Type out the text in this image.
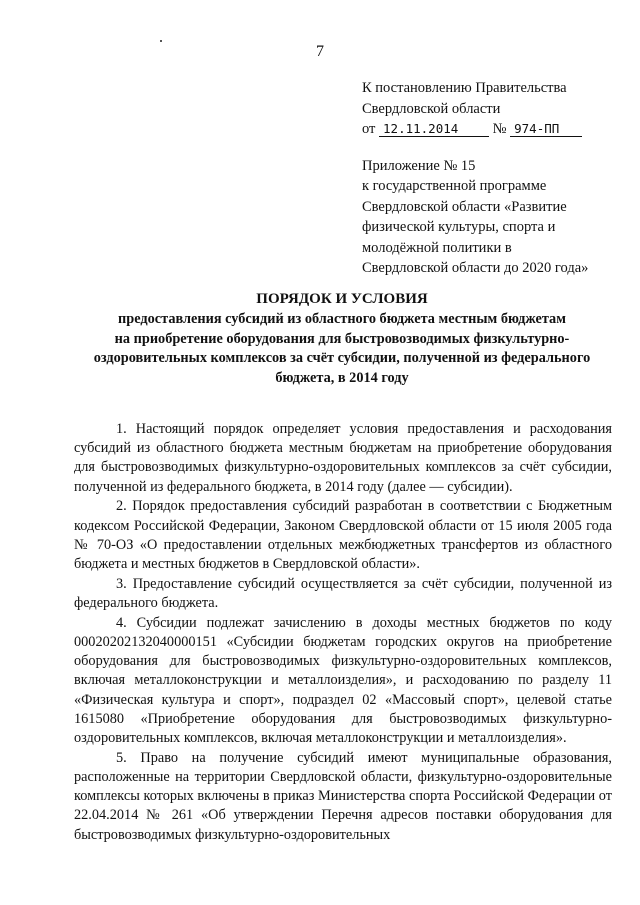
7
К постановлению Правительства
Свердловской области
от 12.11.2014 № 974-ПП
Приложение № 15
к государственной программе
Свердловской области «Развитие
физической культуры, спорта и
молодёжной политики в
Свердловской области до 2020 года»
ПОРЯДОК И УСЛОВИЯ
предоставления субсидий из областного бюджета местным бюджетам
на приобретение оборудования для быстровозводимых физкультурно-
оздоровительных комплексов за счёт субсидии, полученной из федерального
бюджета, в 2014 году

1. Настоящий порядок определяет условия предоставления и расходования субсидий из областного бюджета местным бюджетам на приобретение оборудования для быстровозводимых физкультурно-оздоровительных комплексов за счёт субсидии, полученной из федерального бюджета, в 2014 году (далее — субсидии).

2. Порядок предоставления субсидий разработан в соответствии с Бюджетным кодексом Российской Федерации, Законом Свердловской области от 15 июля 2005 года № 70-ОЗ «О предоставлении отдельных межбюджетных трансфертов из областного бюджета и местных бюджетов в Свердловской области».

3. Предоставление субсидий осуществляется за счёт субсидии, полученной из федерального бюджета.

4. Субсидии подлежат зачислению в доходы местных бюджетов по коду 00020202132040000151 «Субсидии бюджетам городских округов на приобретение оборудования для быстровозводимых физкультурно-оздоровительных комплексов, включая металлоконструкции и металлоизделия», и расходованию по разделу 11 «Физическая культура и спорт», подраздел 02 «Массовый спорт», целевой статье 1615080 «Приобретение оборудования для быстровозводимых физкультурно-оздоровительных комплексов, включая металлоконструкции и металлоизделия».

5. Право на получение субсидий имеют муниципальные образования, расположенные на территории Свердловской области, физкультурно-оздоровительные комплексы которых включены в приказ Министерства спорта Российской Федерации от 22.04.2014 № 261 «Об утверждении Перечня адресов поставки оборудования для быстровозводимых физкультурно-оздоровительных
